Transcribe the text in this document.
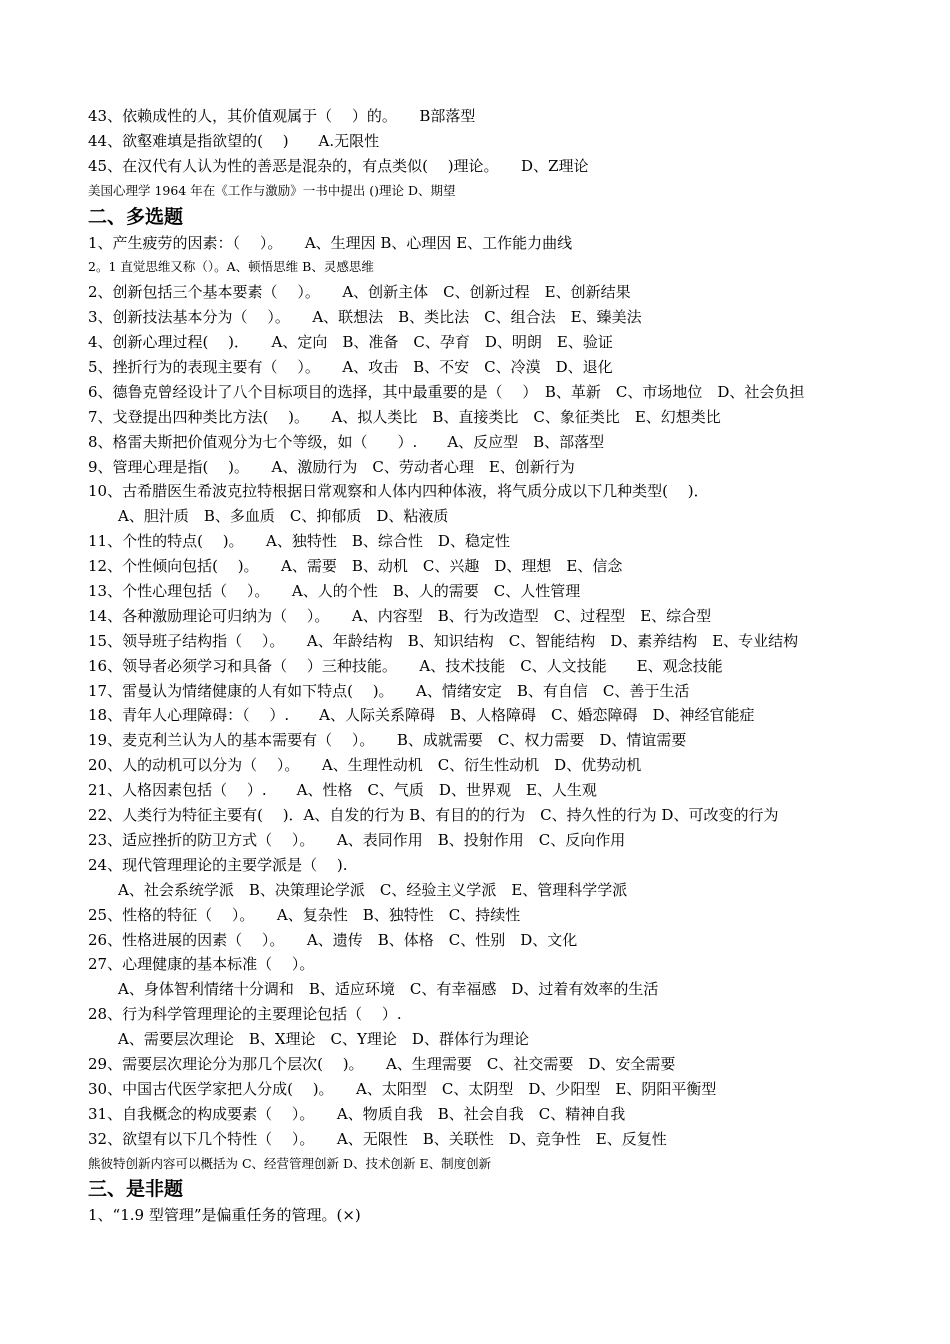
43、依赖成性的人，其价值观属于（　 ）的。　　B部落型
44、欲壑难填是指欲望的(　 )　　A.无限性
45、在汉代有人认为性的善恶是混杂的，有点类似(　 )理论。　　D、Z理论
美国心理学 1964 年在《工作与激励》一书中提出 ()理论 D、期望
二、多选题
1、产生疲劳的因素：（　 ）。　　A、生理因 B、心理因 E、工作能力曲线
2。1 直觉思维又称（）。A、顿悟思维 B、灵感思维
2、创新包括三个基本要素（　 ）。　　A、创新主体　C、创新过程　E、创新结果
3、创新技法基本分为（　 ）。　　A、联想法　B、类比法　C、组合法　E、臻美法
4、创新心理过程(　 )．　　A、定向　B、准备　C、孕育　D、明朗　E、验证
5、挫折行为的表现主要有（　 ）。　　A、攻击　B、不安　C、冷漠　D、退化
6、德鲁克曾经设计了八个目标项目的选择，其中最重要的是（　 ）　B、革新　C、市场地位　D、社会负担
7、戈登提出四种类比方法(　 )。　　A、拟人类比　B、直接类比　C、象征类比　E、幻想类比
8、格雷夫斯把价值观分为七个等级，如（　　）.　　A、反应型　B、部落型
9、管理心理是指(　 )。　　A、激励行为　C、劳动者心理　E、创新行为
10、古希腊医生希波克拉特根据日常观察和人体内四种体液，将气质分成以下几种类型(　 )．
A、胆汁质　B、多血质　C、抑郁质　D、粘液质
11、个性的特点(　 )。　　A、独特性　B、综合性　D、稳定性
12、个性倾向包括(　 )。　　A、需要　B、动机　C、兴趣　D、理想　E、信念
13、个性心理包括（　 ）。　　A、人的个性　B、人的需要　C、人性管理
14、各种激励理论可归纳为（　 ）。　　A、内容型　B、行为改造型　C、过程型　E、综合型
15、领导班子结构指（　 ）。　　A、年龄结构　B、知识结构　C、智能结构　D、素养结构　E、专业结构
16、领导者必须学习和具备（　 ）三种技能。　　A、技术技能　C、人文技能　　E、观念技能
17、雷曼认为情绪健康的人有如下特点(　 )。　　A、情绪安定　B、有自信　C、善于生活
18、青年人心理障碍：（　 ）.　　A、人际关系障碍　B、人格障碍　C、婚恋障碍　D、神经官能症
19、麦克利兰认为人的基本需要有（　 ）。　　B、成就需要　C、权力需要　D、情谊需要
20、人的动机可以分为（　 ）。　　A、生理性动机　C、衍生性动机　D、优势动机
21、人格因素包括（　 ）.　　A、性格　C、气质　D、世界观　E、人生观
22、人类行为特征主要有(　 )．A、自发的行为 B、有目的的行为　C、持久性的行为 D、可改变的行为
23、适应挫折的防卫方式（　 ）。　　A、表同作用　B、投射作用　C、反向作用
24、现代管理理论的主要学派是（　 ).
A、社会系统学派　B、决策理论学派　C、经验主义学派　E、管理科学学派
25、性格的特征（　 ）。　　A、复杂性　B、独特性　C、持续性
26、性格进展的因素（　 ）。　　A、遗传　B、体格　C、性别　D、文化
27、心理健康的基本标准（　 ）。
A、身体智利情绪十分调和　B、适应环境　C、有幸福感　D、过着有效率的生活
28、行为科学管理理论的主要理论包括（　 ）.
A、需要层次理论　B、X理论　C、Y理论　D、群体行为理论
29、需要层次理论分为那几个层次(　 )。　　A、生理需要　C、社交需要　D、安全需要
30、中国古代医学家把人分成(　 )。　　A、太阳型　C、太阴型　D、少阳型　E、阴阳平衡型
31、自我概念的构成要素（　 ）。　　A、物质自我　B、社会自我　C、精神自我
32、欲望有以下几个特性（　 ）。　　A、无限性　B、关联性　D、竞争性　E、反复性
熊彼特创新内容可以概括为 C、经营管理创新 D、技术创新 E、制度创新
三、是非题
1、“1.9 型管理”是偏重任务的管理。(×)
